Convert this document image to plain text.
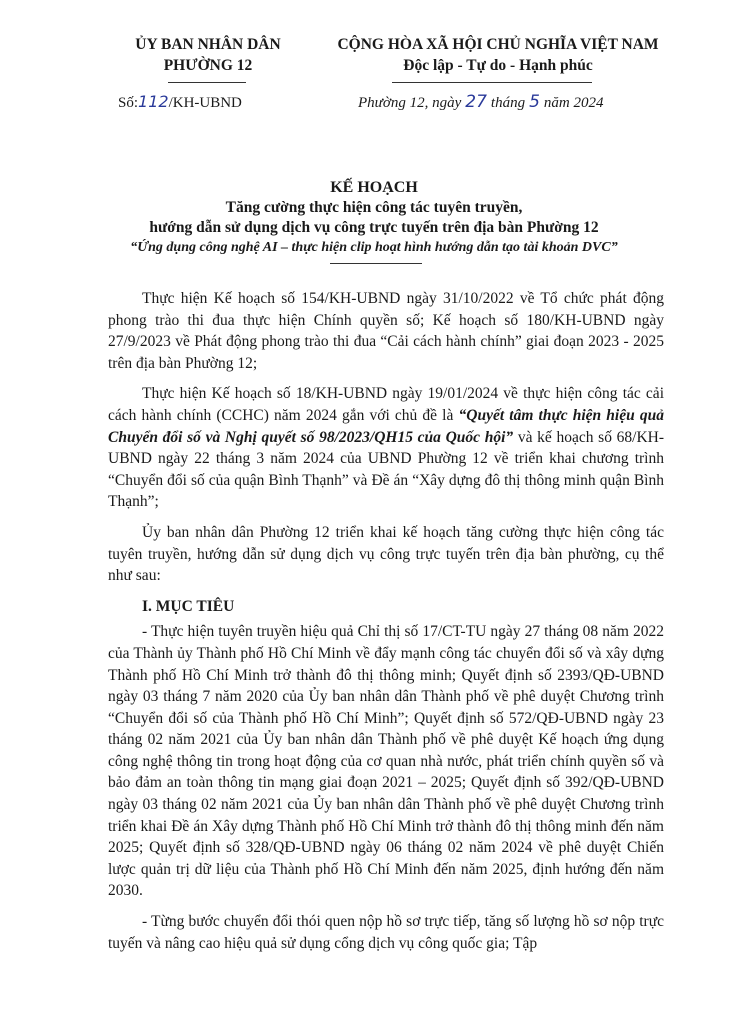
ỦY BAN NHÂN DÂN
PHƯỜNG 12
CỘNG HÒA XÃ HỘI CHỦ NGHĨA VIỆT NAM
Độc lập - Tự do - Hạnh phúc
Số:112/KH-UBND	Phường 12, ngày 27 tháng 5 năm 2024
KẾ HOẠCH
Tăng cường thực hiện công tác tuyên truyền,
hướng dẫn sử dụng dịch vụ công trực tuyến trên địa bàn Phường 12
“Ứng dụng công nghệ AI – thực hiện clip hoạt hình hướng dẫn tạo tài khoản DVC”

Thực hiện Kế hoạch số 154/KH-UBND ngày 31/10/2022 về Tổ chức phát động phong trào thi đua thực hiện Chính quyền số; Kế hoạch số 180/KH-UBND ngày 27/9/2023 về Phát động phong trào thi đua “Cải cách hành chính” giai đoạn 2023 - 2025 trên địa bàn Phường 12;

Thực hiện Kế hoạch số 18/KH-UBND ngày 19/01/2024 về thực hiện công tác cải cách hành chính (CCHC) năm 2024 gắn với chủ đề là “Quyết tâm thực hiện hiệu quả Chuyển đổi số và Nghị quyết số 98/2023/QH15 của Quốc hội” và kế hoạch số 68/KH-UBND ngày 22 tháng 3 năm 2024 của UBND Phường 12 về triển khai chương trình “Chuyển đổi số của quận Bình Thạnh” và Đề án “Xây dựng đô thị thông minh quận Bình Thạnh”;

Ủy ban nhân dân Phường 12 triển khai kế hoạch tăng cường thực hiện công tác tuyên truyền, hướng dẫn sử dụng dịch vụ công trực tuyến trên địa bàn phường, cụ thể như sau:

I. MỤC TIÊU

- Thực hiện tuyên truyền hiệu quả Chỉ thị số 17/CT-TU ngày 27 tháng 08 năm 2022 của Thành ủy Thành phố Hồ Chí Minh về đẩy mạnh công tác chuyển đổi số và xây dựng Thành phố Hồ Chí Minh trở thành đô thị thông minh; Quyết định số 2393/QĐ-UBND ngày 03 tháng 7 năm 2020 của Ủy ban nhân dân Thành phố về phê duyệt Chương trình “Chuyển đổi số của Thành phố Hồ Chí Minh”; Quyết định số 572/QĐ-UBND ngày 23 tháng 02 năm 2021 của Ủy ban nhân dân Thành phố về phê duyệt Kế hoạch ứng dụng công nghệ thông tin trong hoạt động của cơ quan nhà nước, phát triển chính quyền số và bảo đảm an toàn thông tin mạng giai đoạn 2021 – 2025; Quyết định số 392/QĐ-UBND ngày 03 tháng 02 năm 2021 của Ủy ban nhân dân Thành phố về phê duyệt Chương trình triển khai Đề án Xây dựng Thành phố Hồ Chí Minh trở thành đô thị thông minh đến năm 2025; Quyết định số 328/QĐ-UBND ngày 06 tháng 02 năm 2024 về phê duyệt Chiến lược quản trị dữ liệu của Thành phố Hồ Chí Minh đến năm 2025, định hướng đến năm 2030.

- Từng bước chuyển đổi thói quen nộp hồ sơ trực tiếp, tăng số lượng hồ sơ nộp trực tuyến và nâng cao hiệu quả sử dụng cổng dịch vụ công quốc gia; Tập
